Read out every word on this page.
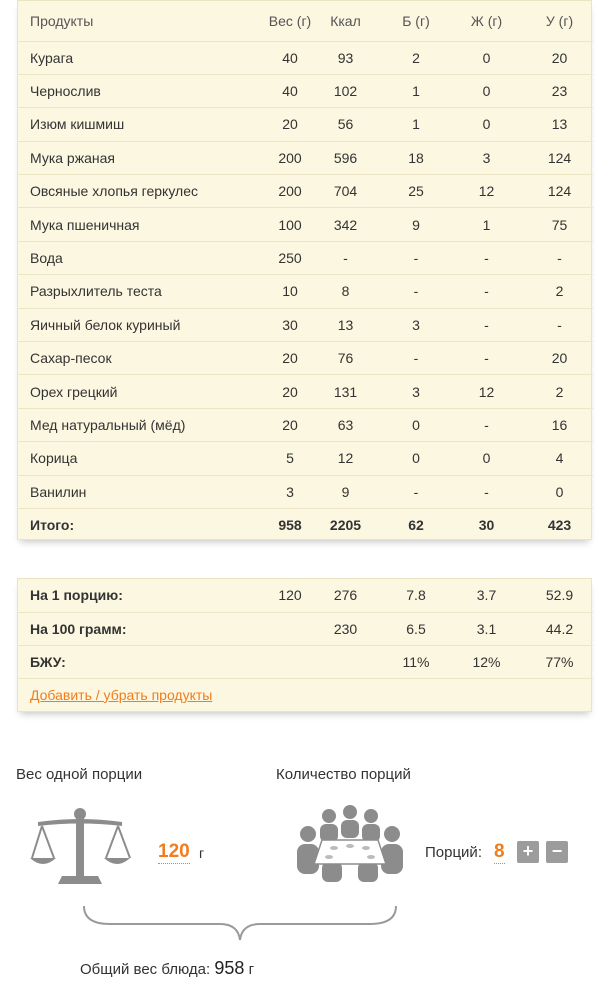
Продукты	Вес (г)	Ккал	Б (г)	Ж (г)	У (г)
Курага	40	93	2	0	20
Чернослив	40	102	1	0	23
Изюм кишмиш	20	56	1	0	13
Мука ржаная	200	596	18	3	124
Овсяные хлопья геркулес	200	704	25	12	124
Мука пшеничная	100	342	9	1	75
Вода	250	-	-	-	-
Разрыхлитель теста	10	8	-	-	2
Яичный белок куриный	30	13	3	-	-
Сахар-песок	20	76	-	-	20
Орех грецкий	20	131	3	12	2
Мед натуральный (мёд)	20	63	0	-	16
Корица	5	12	0	0	4
Ванилин	3	9	-	-	0
Итого:	958	2205	62	30	423
На 1 порцию:	120	276	7.8	3.7	52.9
На 100 грамм:		230	6.5	3.1	44.2
БЖУ:			11%	12%	77%
Добавить / убрать продукты					
Вес одной порции	Количество порций
120 г	Порций: 8	+	−
Общий вес блюда: 958 г
